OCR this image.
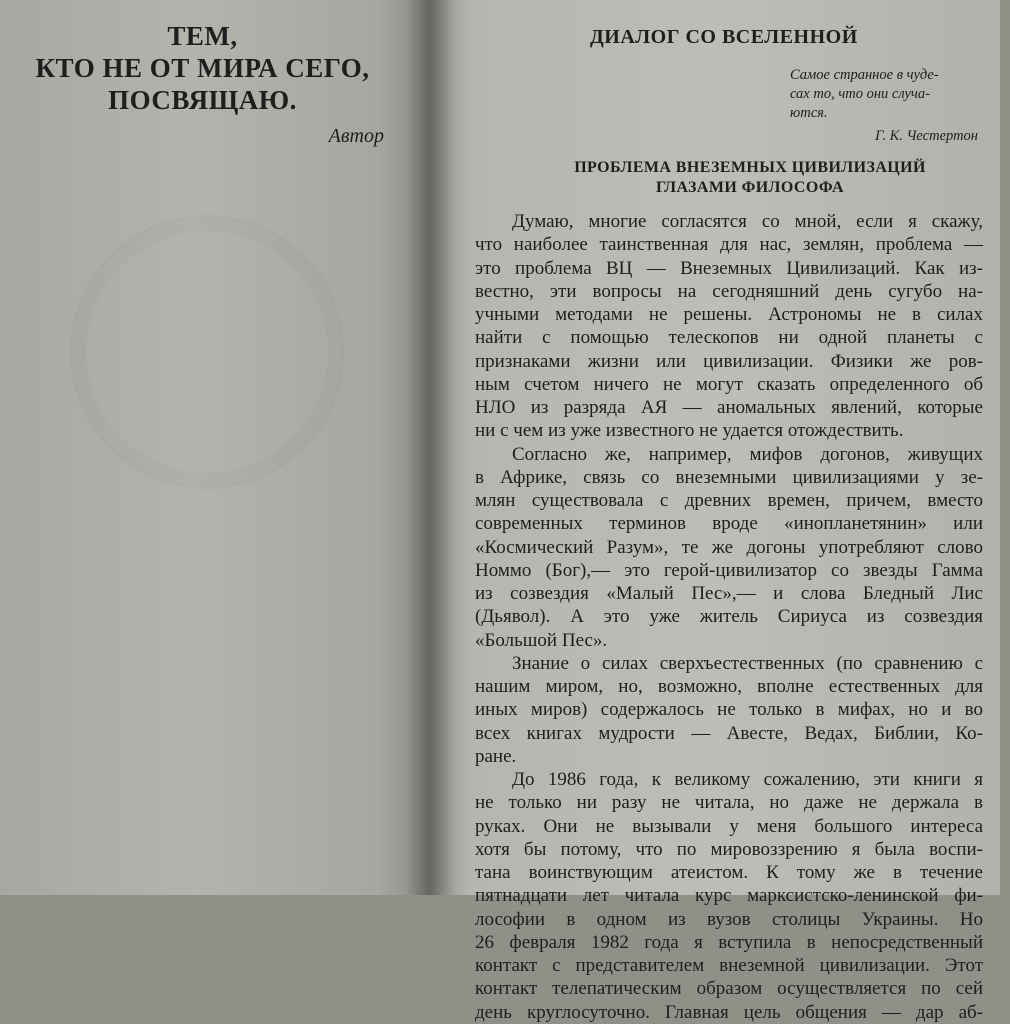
ТЕМ,
КТО НЕ ОТ МИРА СЕГО,
ПОСВЯЩАЮ.
Автор
ДИАЛОГ СО ВСЕЛЕННОЙ
Самое странное в чуде-
сах то, что они случа-
ются.
Г. К. Честертон
ПРОБЛЕМА ВНЕЗЕМНЫХ ЦИВИЛИЗАЦИЙ
ГЛАЗАМИ ФИЛОСОФА
Думаю, многие согласятся со мной, если я скажу,
что наиболее таинственная для нас, землян, проблема —
это проблема ВЦ — Внеземных Цивилизаций. Как из-
вестно, эти вопросы на сегодняшний день сугубо на-
учными методами не решены. Астрономы не в силах
найти с помощью телескопов ни одной планеты с
признаками жизни или цивилизации. Физики же ров-
ным счетом ничего не могут сказать определенного об
НЛО из разряда АЯ — аномальных явлений, которые
ни с чем из уже известного не удается отождествить.
Согласно же, например, мифов догонов, живущих
в Африке, связь со внеземными цивилизациями у зе-
млян существовала с древних времен, причем, вместо
современных терминов вроде «инопланетянин» или
«Космический Разум», те же догоны употребляют слово
Номмо (Бог),— это герой-цивилизатор со звезды Гамма
из созвездия «Малый Пес»,— и слова Бледный Лис
(Дьявол). А это уже житель Сириуса из созвездия
«Большой Пес».
Знание о силах сверхъестественных (по сравнению с
нашим миром, но, возможно, вполне естественных для
иных миров) содержалось не только в мифах, но и во
всех книгах мудрости — Авесте, Ведах, Библии, Ко-
ране.
До 1986 года, к великому сожалению, эти книги я
не только ни разу не читала, но даже не держала в
руках. Они не вызывали у меня большого интереса
хотя бы потому, что по мировоззрению я была воспи-
тана воинствующим атеистом. К тому же в течение
пятнадцати лет читала курс марксистско-ленинской фи-
лософии в одном из вузов столицы Украины. Но
26 февраля 1982 года я вступила в непосредственный
контакт с представителем внеземной цивилизации. Этот
контакт телепатическим образом осуществляется по сей
день круглосуточно. Главная цель общения — дар аб-
